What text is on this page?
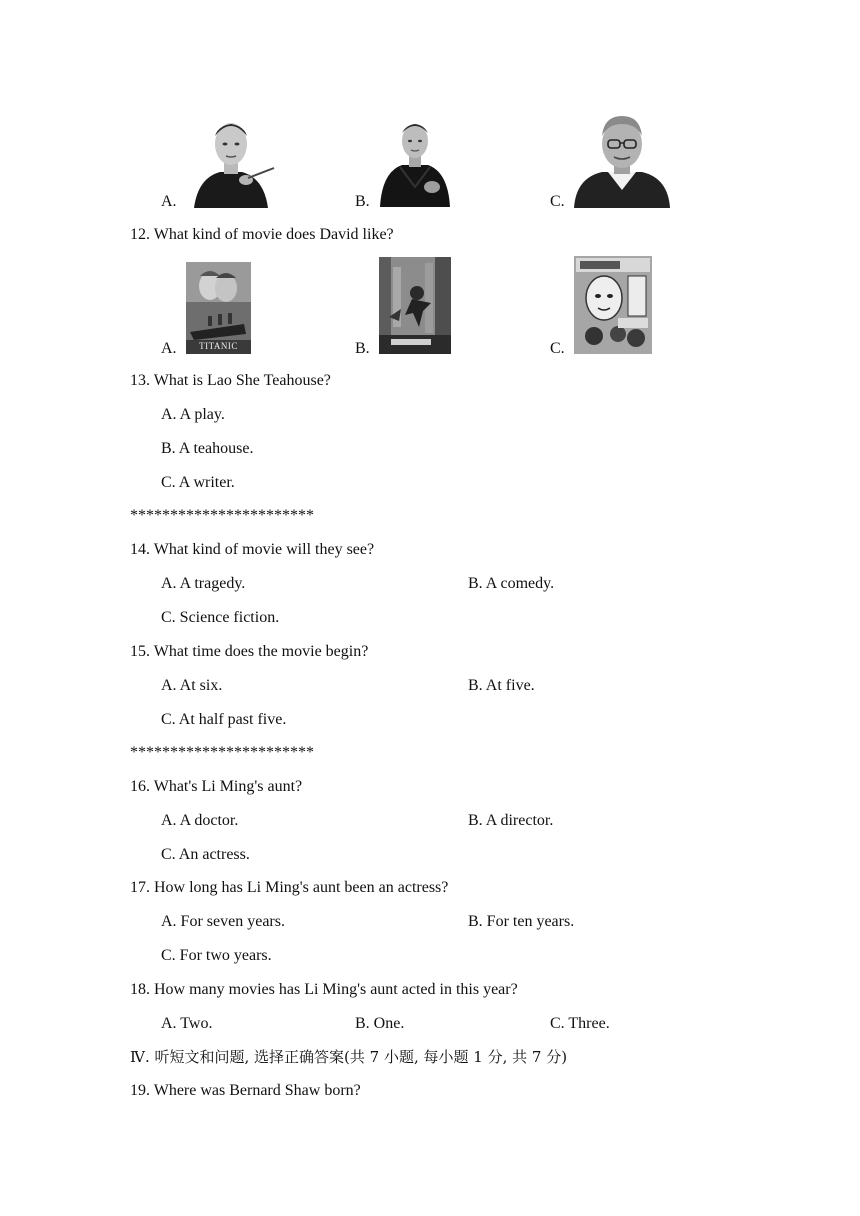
A.	B.	C.
12. What kind of movie does David like?
A.	TITANIC	B.	C.
13. What is Lao She Teahouse?
A. A play.
B. A teahouse.
C. A writer.
***********************
14. What kind of movie will they see?
A. A tragedy.	B. A comedy.
C. Science fiction.
15. What time does the movie begin?
A. At six.	B. At five.
C. At half past five.
***********************
16. What's Li Ming's aunt?
A. A doctor.	B. A director.
C. An actress.
17. How long has Li Ming's aunt been an actress?
A. For seven years.	B. For ten years.
C. For two years.
18. How many movies has Li Ming's aunt acted in this year?
A. Two.	B. One.	C. Three.
Ⅳ. 听短文和问题, 选择正确答案(共 7 小题, 每小题 1 分, 共 7 分)
19. Where was Bernard Shaw born?
